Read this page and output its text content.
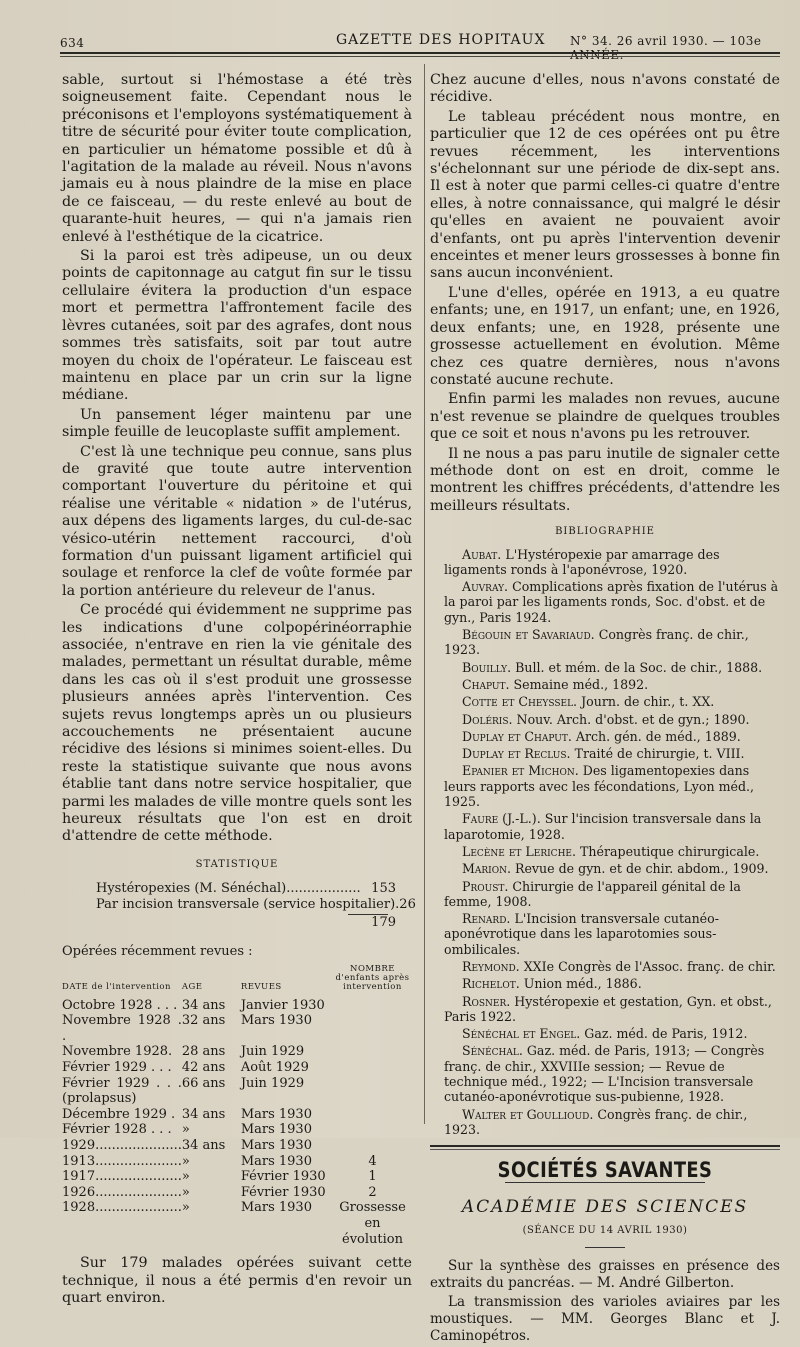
634	GAZETTE DES HOPITAUX N° 34. 26 avril 1930. — 103e ANNÉE.

sable, surtout si l'hémostase a été très soigneusement faite. Cependant nous le préconisons et l'employons systématiquement à titre de sécurité pour éviter toute complication, en particulier un hématome possible et dû à l'agitation de la malade au réveil. Nous n'avons jamais eu à nous plaindre de la mise en place de ce faisceau, — du reste enlevé au bout de quarante-huit heures, — qui n'a jamais rien enlevé à l'esthétique de la cicatrice.

Si la paroi est très adipeuse, un ou deux points de capitonnage au catgut fin sur le tissu cellulaire évitera la production d'un espace mort et permettra l'affrontement facile des lèvres cutanées, soit par des agrafes, dont nous sommes très satisfaits, soit par tout autre moyen du choix de l'opérateur. Le faisceau est maintenu en place par un crin sur la ligne médiane.

Un pansement léger maintenu par une simple feuille de leucoplaste suffit amplement.

C'est là une technique peu connue, sans plus de gravité que toute autre intervention comportant l'ouverture du péritoine et qui réalise une véritable « nidation » de l'utérus, aux dépens des ligaments larges, du cul-de-sac vésico-utérin nettement raccourci, d'où formation d'un puissant ligament artificiel qui soulage et renforce la clef de voûte formée par la portion antérieure du releveur de l'anus.

Ce procédé qui évidemment ne supprime pas les indications d'une colpopérinéorraphie associée, n'entrave en rien la vie génitale des malades, permettant un résultat durable, même dans les cas où il s'est produit une grossesse plusieurs années après l'intervention. Ces sujets revus longtemps après un ou plusieurs accouchements ne présentaient aucune récidive des lésions si minimes soient-elles. Du reste la statistique suivante que nous avons établie tant dans notre service hospitalier, que parmi les malades de ville montre quels sont les heureux résultats que l'on est en droit d'attendre de cette méthode.

STATISTIQUE
Hystéropexies (M. Sénéchal).................. 153
Par incision transversale (service hospitalier). 26
179
Opérées récemment revues :
DATE de l'intervention	AGE	REVUES	NOMBRE d'enfants après intervention
Octobre 1928 . . .	34 ans	Janvier 1930	
Novembre 1928 . .	32 ans	Mars 1930	
Novembre 1928.	28 ans	Juin 1929	
Février 1929 . . .	42 ans	Août 1929	
Février 1929 . . . (prolapsus)	66 ans	Juin 1929	
Décembre 1929 .	34 ans	Mars 1930	
Février 1928 . . .	»	Mars 1930	
1929.....................	34 ans	Mars 1930	
1913.....................	»	Mars 1930	4
1917.....................	»	Février 1930	1
1926.....................	»	Février 1930	2
1928.....................	»	Mars 1930	Grossesse en évolution

Sur 179 malades opérées suivant cette technique, il nous a été permis d'en revoir un quart environ.

Chez aucune d'elles, nous n'avons constaté de récidive.

Le tableau précédent nous montre, en particulier que 12 de ces opérées ont pu être revues récemment, les interventions s'échelonnant sur une période de dix-sept ans. Il est à noter que parmi celles-ci quatre d'entre elles, à notre connaissance, qui malgré le désir qu'elles en avaient ne pouvaient avoir d'enfants, ont pu après l'intervention devenir enceintes et mener leurs grossesses à bonne fin sans aucun inconvénient.

L'une d'elles, opérée en 1913, a eu quatre enfants; une, en 1917, un enfant; une, en 1926, deux enfants; une, en 1928, présente une grossesse actuellement en évolution. Même chez ces quatre dernières, nous n'avons constaté aucune rechute.

Enfin parmi les malades non revues, aucune n'est revenue se plaindre de quelques troubles que ce soit et nous n'avons pu les retrouver.

Il ne nous a pas paru inutile de signaler cette méthode dont on est en droit, comme le montrent les chiffres précédents, d'attendre les meilleurs résultats.

BIBLIOGRAPHIE

Aubat. L'Hystéropexie par amarrage des ligaments ronds à l'aponévrose, 1920.

Auvray. Complications après fixation de l'utérus à la paroi par les ligaments ronds, Soc. d'obst. et de gyn., Paris 1924.

Bégouin et Savariaud. Congrès franç. de chir., 1923.

Bouilly. Bull. et mém. de la Soc. de chir., 1888.

Chaput. Semaine méd., 1892.

Cotte et Cheyssel. Journ. de chir., t. XX.

Doléris. Nouv. Arch. d'obst. et de gyn.; 1890.

Duplay et Chaput. Arch. gén. de méd., 1889.

Duplay et Reclus. Traité de chirurgie, t. VIII.

Epanier et Michon. Des ligamentopexies dans leurs rapports avec les fécondations, Lyon méd., 1925.

Faure (J.-L.). Sur l'incision transversale dans la laparotomie, 1928.

Lecène et Leriche. Thérapeutique chirurgicale.

Marion. Revue de gyn. et de chir. abdom., 1909.

Proust. Chirurgie de l'appareil génital de la femme, 1908.

Renard. L'Incision transversale cutanéo-aponévrotique dans les laparotomies sous-ombilicales.

Reymond. XXIe Congrès de l'Assoc. franç. de chir.

Richelot. Union méd., 1886.

Rosner. Hystéropexie et gestation, Gyn. et obst., Paris 1922.

Sénéchal et Engel. Gaz. méd. de Paris, 1912.

Sénéchal. Gaz. méd. de Paris, 1913; — Congrès franç. de chir., XXVIIIe session; — Revue de technique méd., 1922; — L'Incision transversale cutanéo-aponévrotique sus-pubienne, 1928.

Walter et Goullioud. Congrès franç. de chir., 1923.

SOCIÉTÉS SAVANTES
ACADÉMIE DES SCIENCES
(SÉANCE DU 14 AVRIL 1930)

Sur la synthèse des graisses en présence des extraits du pancréas. — M. André Gilberton.

La transmission des varioles aviaires par les moustiques. — MM. Georges Blanc et J. Caminopétros.
